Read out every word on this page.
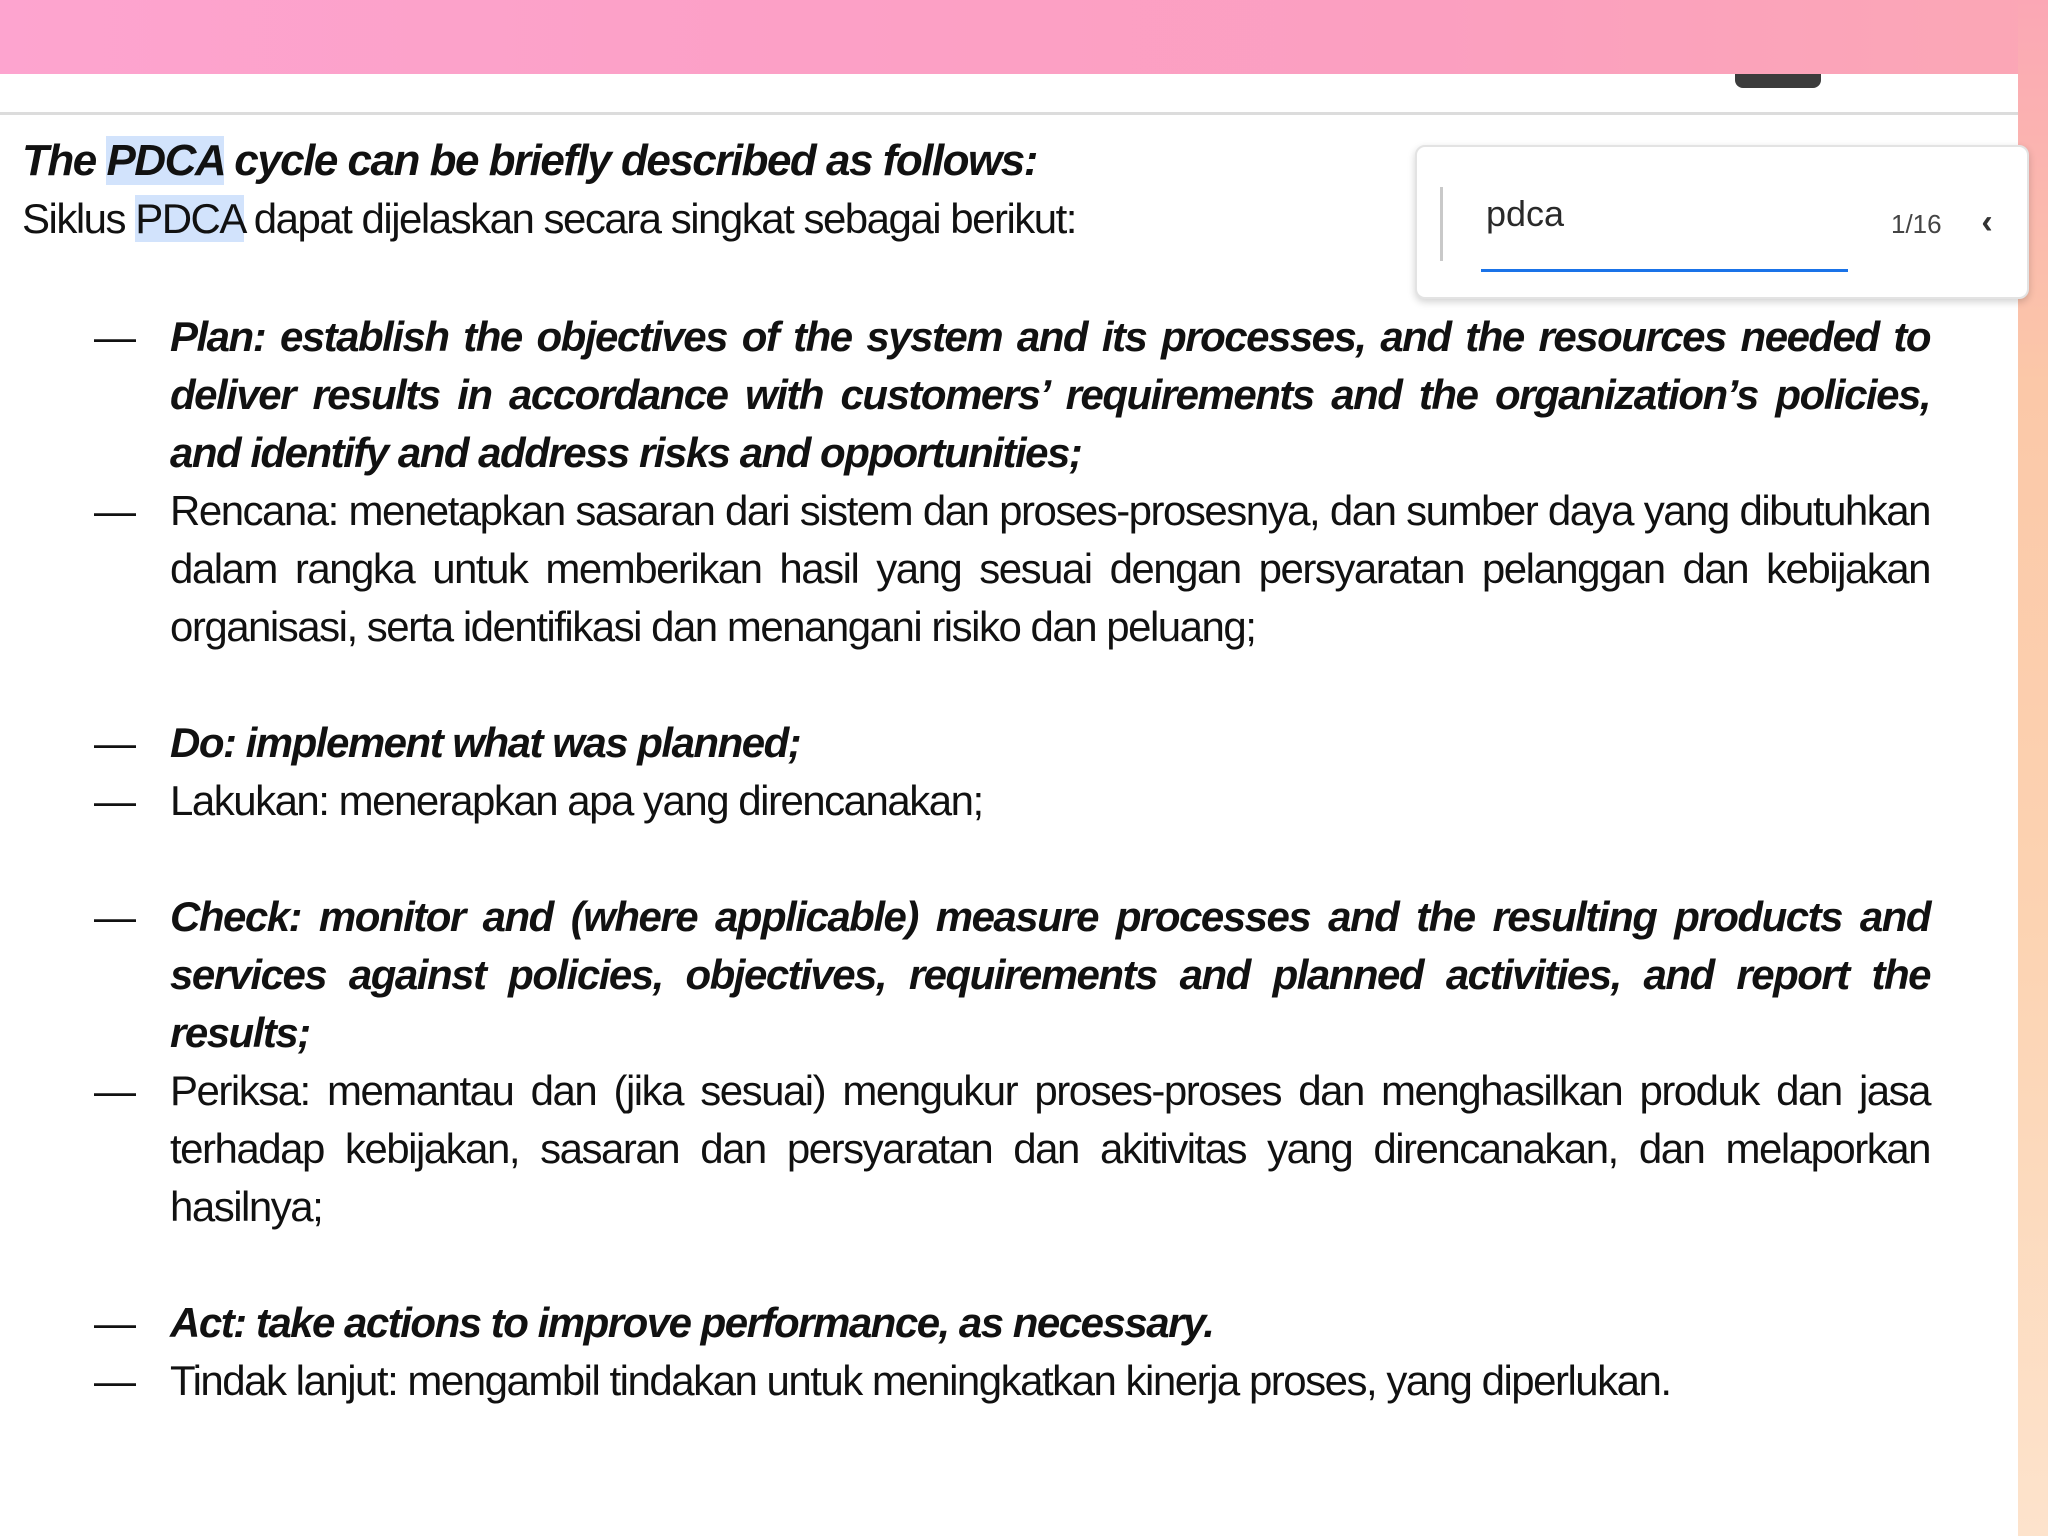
The PDCA cycle can be briefly described as follows:
Siklus PDCA dapat dijelaskan secara singkat sebagai berikut:
— Plan: establish the objectives of the system and its processes, and the resources needed to deliver results in accordance with customers’ requirements and the organization’s policies, and identify and address risks and opportunities;
— Rencana: menetapkan sasaran dari sistem dan proses-prosesnya, dan sumber daya yang dibutuhkan dalam rangka untuk memberikan hasil yang sesuai dengan persyaratan pelanggan dan kebijakan organisasi, serta identifikasi dan menangani risiko dan peluang;
— Do: implement what was planned;
— Lakukan: menerapkan apa yang direncanakan;
— Check: monitor and (where applicable) measure processes and the resulting products and services against policies, objectives, requirements and planned activities, and report the results;
— Periksa: memantau dan (jika sesuai) mengukur proses-proses dan menghasilkan produk dan jasa terhadap kebijakan, sasaran dan persyaratan dan akitivitas yang direncanakan, dan melaporkan hasilnya;
— Act: take actions to improve performance, as necessary.
— Tindak lanjut: mengambil tindakan untuk meningkatkan kinerja proses, yang diperlukan.
pdca
1/16 ‹
